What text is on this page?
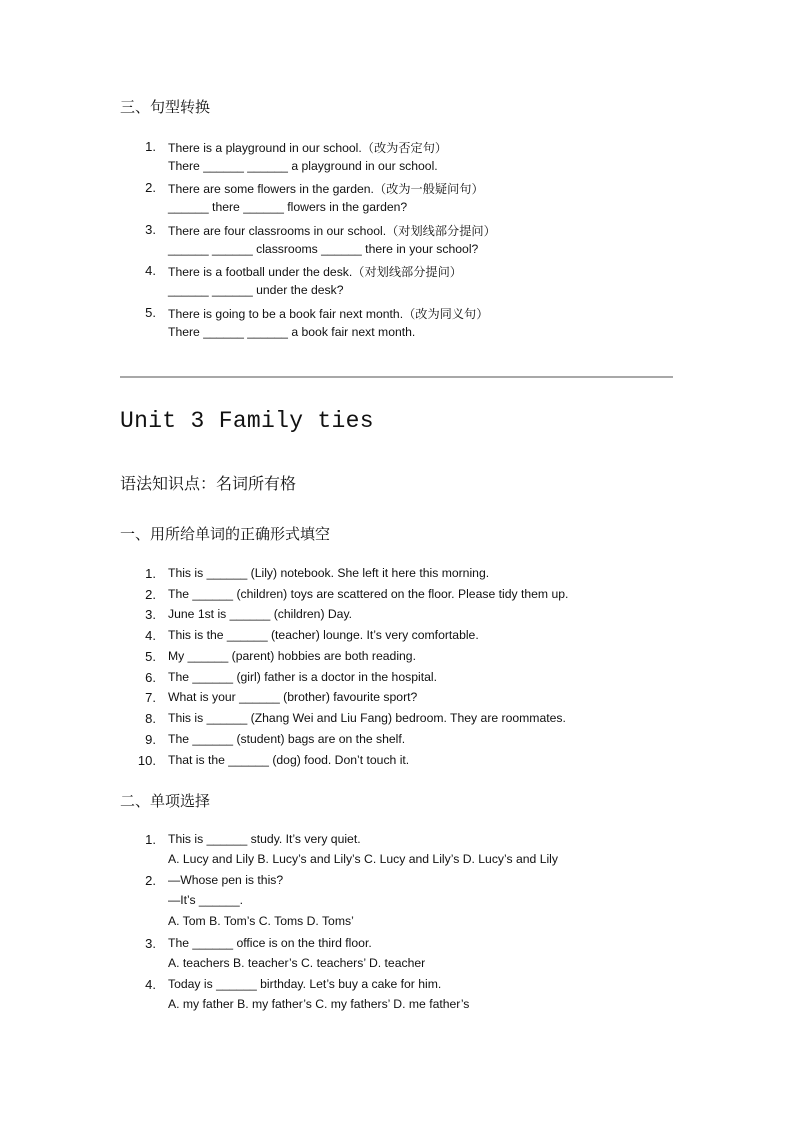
三、句型转换
1. There is a playground in our school.（改为否定句）
There ______ ______ a playground in our school.
2. There are some flowers in the garden.（改为一般疑问句）
______ there ______ flowers in the garden?
3. There are four classrooms in our school.（对划线部分提问）
______ ______ classrooms ______ there in your school?
4. There is a football under the desk.（对划线部分提问）
______ ______ under the desk?
5. There is going to be a book fair next month.（改为同义句）
There ______ ______ a book fair next month.
Unit 3 Family ties
语法知识点：名词所有格
一、用所给单词的正确形式填空
1. This is ______ (Lily) notebook. She left it here this morning.
2. The ______ (children) toys are scattered on the floor. Please tidy them up.
3. June 1st is ______ (children) Day.
4. This is the ______ (teacher) lounge. It’s very comfortable.
5. My ______ (parent) hobbies are both reading.
6. The ______ (girl) father is a doctor in the hospital.
7. What is your ______ (brother) favourite sport?
8. This is ______ (Zhang Wei and Liu Fang) bedroom. They are roommates.
9. The ______ (student) bags are on the shelf.
10. That is the ______ (dog) food. Don’t touch it.
二、单项选择
1. This is ______ study. It’s very quiet.
A. Lucy and Lily B. Lucy’s and Lily’s C. Lucy and Lily’s D. Lucy’s and Lily
2. —Whose pen is this?
—It’s ______.
A. Tom B. Tom’s C. Toms D. Toms’
3. The ______ office is on the third floor.
A. teachers B. teacher’s C. teachers’ D. teacher
4. Today is ______ birthday. Let’s buy a cake for him.
A. my father B. my father’s C. my fathers’ D. me father’s
